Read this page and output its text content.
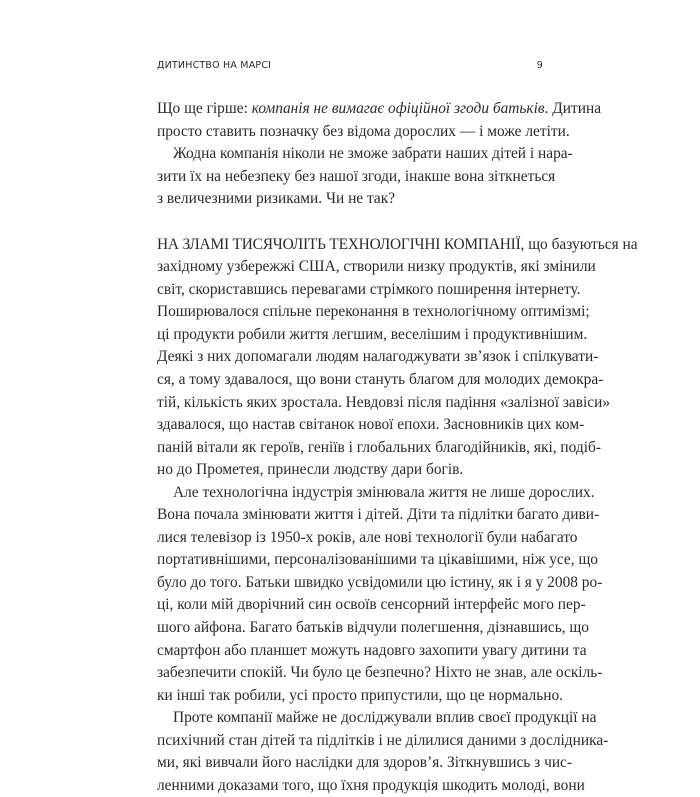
ДИТИНСТВО НА МАРСІ	9
Що ще гірше: компанія не вимагає офіційної згоди батьків. Дитина
просто ставить позначку без відома дорослих — і може летіти.
Жодна компанія ніколи не зможе забрати наших дітей і нара-
зити їх на небезпеку без нашої згоди, інакше вона зіткнеться
з величезними ризиками. Чи не так?
НА ЗЛАМІ ТИСЯЧОЛІТЬ ТЕХНОЛОГІЧНІ КОМПАНІЇ, що базуються на
західному узбережжі США, створили низку продуктів, які змінили
світ, скориставшись перевагами стрімкого поширення інтернету.
Поширювалося спільне переконання в технологічному оптимізмі;
ці продукти робили життя легшим, веселішим і продуктивнішим.
Деякі з них допомагали людям налагоджувати зв’язок і спілкувати-
ся, а тому здавалося, що вони стануть благом для молодих демокра-
тій, кількість яких зростала. Невдовзі після падіння «залізної завіси»
здавалося, що настав світанок нової епохи. Засновників цих ком-
паній вітали як героїв, геніїв і глобальних благодійників, які, подіб-
но до Прометея, принесли людству дари богів.
Але технологічна індустрія змінювала життя не лише дорослих.
Вона почала змінювати життя і дітей. Діти та підлітки багато диви-
лися телевізор із 1950-х років, але нові технології були набагато
портативнішими, персоналізованішими та цікавішими, ніж усе, що
було до того. Батьки швидко усвідомили цю істину, як і я у 2008 ро-
ці, коли мій дворічний син освоїв сенсорний інтерфейс мого пер-
шого айфона. Багато батьків відчули полегшення, дізнавшись, що
смартфон або планшет можуть надовго захопити увагу дитини та
забезпечити спокій. Чи було це безпечно? Ніхто не знав, але оскіль-
ки інші так робили, усі просто припустили, що це нормально.
Проте компанії майже не досліджували вплив своєї продукції на
психічний стан дітей та підлітків і не ділилися даними з дослідника-
ми, які вивчали його наслідки для здоров’я. Зіткнувшись з чис-
ленними доказами того, що їхня продукція шкодить молоді, вони
